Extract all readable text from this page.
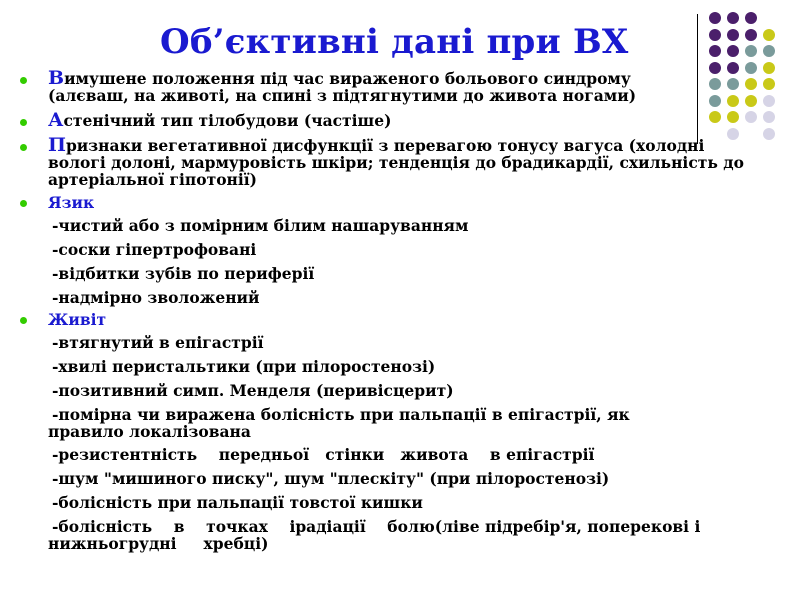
Об’єктивні дані при ВХ
Вимушене положення під час вираженого больового синдрому (алєваш, на животі, на спині з підтягнутими до живота ногами)
Астенічний тип тілобудови (частіше)
Признаки вегетативної дисфункції з перевагою тонусу вагуса (холодні вологі долоні, мармуровість шкіри; тенденція до брадикардії, схильність до артеріальної гіпотонії)
Язик
-чистий або з помірним білим нашаруванням
-соски гіпертрофовані
-відбитки зубів по периферії
-надмірно зволожений
Живіт
-втягнутий в епігастрії
-хвилі перистальтики (при пілоростенозі)
-позитивний симп. Менделя (перивісцерит)
-помірна чи виражена болісність при пальпації в епігастрії, як правило локалізована
-резистентність    передньої   стінки   живота    в епігастрії
-шум "мишиного писку", шум "плескіту" (при пілоростенозі)
-болісність при пальпації товстої кишки
-болісність    в    точках    ірадіації    болю(ліве підребір'я, поперекові і нижньогрудні     хребці)
